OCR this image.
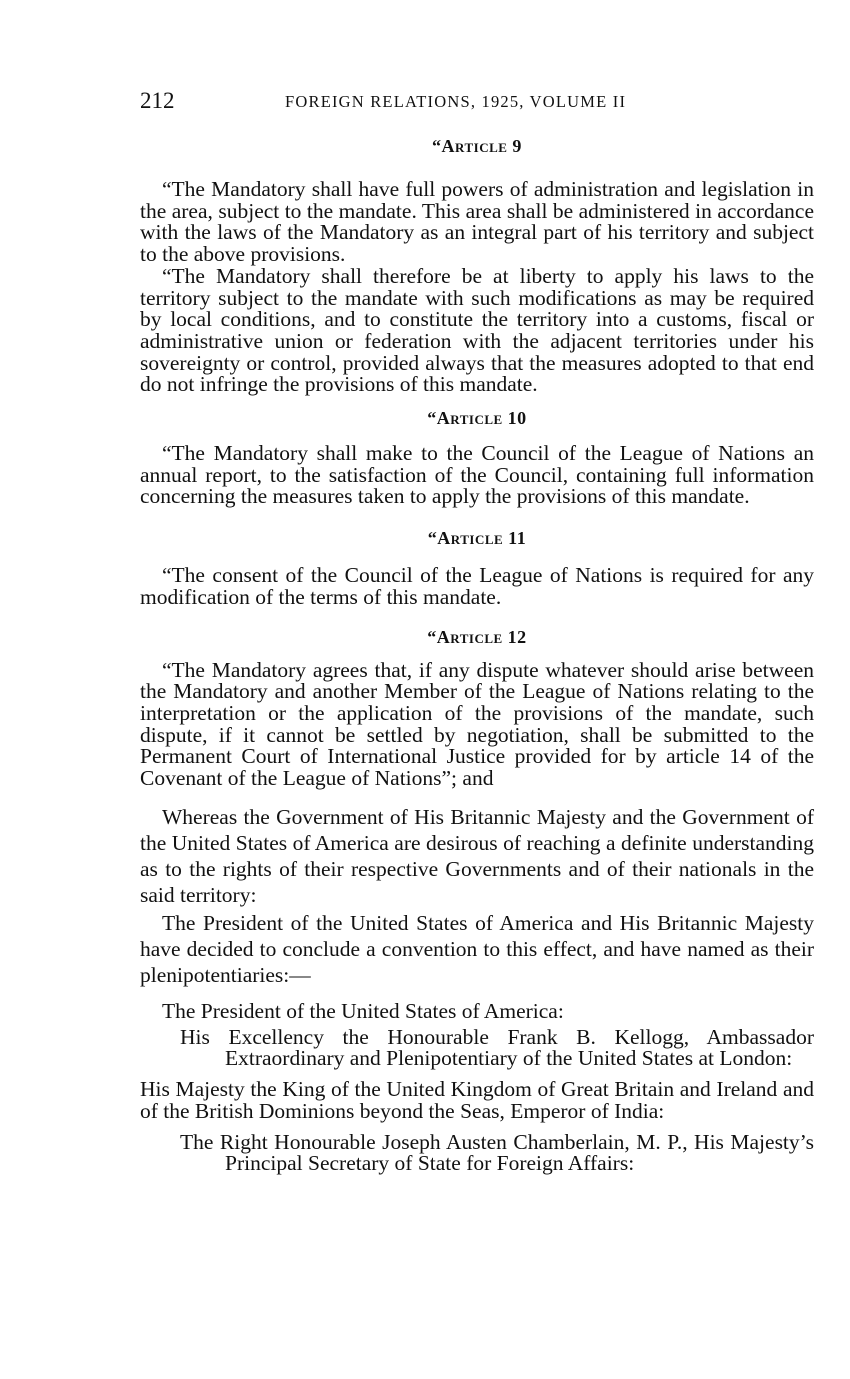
212	FOREIGN RELATIONS, 1925, VOLUME II
“Article 9

“The Mandatory shall have full powers of administration and legislation in the area, subject to the mandate. This area shall be administered in accordance with the laws of the Mandatory as an integral part of his territory and subject to the above provisions.

“The Mandatory shall therefore be at liberty to apply his laws to the territory subject to the mandate with such modifications as may be required by local conditions, and to constitute the territory into a customs, fiscal or administrative union or federation with the adjacent territories under his sovereignty or control, provided always that the measures adopted to that end do not infringe the provisions of this mandate.

“Article 10

“The Mandatory shall make to the Council of the League of Nations an annual report, to the satisfaction of the Council, containing full information concerning the measures taken to apply the provisions of this mandate.

“Article 11

“The consent of the Council of the League of Nations is required for any modification of the terms of this mandate.

“Article 12

“The Mandatory agrees that, if any dispute whatever should arise between the Mandatory and another Member of the League of Nations relating to the interpretation or the application of the provisions of the mandate, such dispute, if it cannot be settled by negotiation, shall be submitted to the Permanent Court of International Justice provided for by article 14 of the Covenant of the League of Nations”; and

Whereas the Government of His Britannic Majesty and the Government of the United States of America are desirous of reaching a definite understanding as to the rights of their respective Governments and of their nationals in the said territory:

The President of the United States of America and His Britannic Majesty have decided to conclude a convention to this effect, and have named as their plenipotentiaries:—

The President of the United States of America:

His Excellency the Honourable Frank B. Kellogg, Ambassador Extraordinary and Plenipotentiary of the United States at London:

His Majesty the King of the United Kingdom of Great Britain and Ireland and of the British Dominions beyond the Seas, Emperor of India:

The Right Honourable Joseph Austen Chamberlain, M. P., His Majesty’s Principal Secretary of State for Foreign Affairs:
